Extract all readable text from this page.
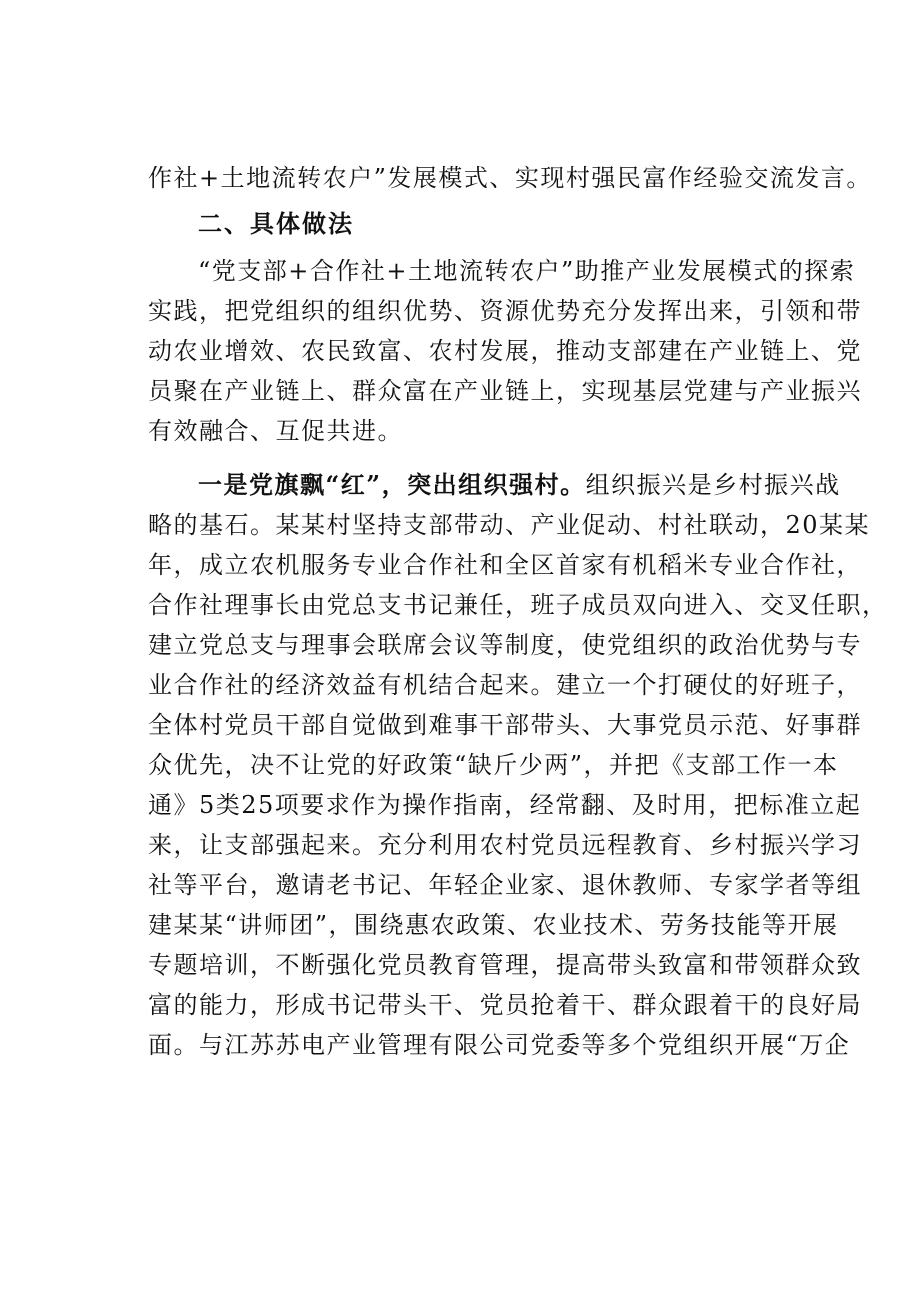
作社+土地流转农户”发展模式、实现村强民富作经验交流发言。
二、具体做法
“党支部+合作社+土地流转农户”助推产业发展模式的探索
实践，把党组织的组织优势、资源优势充分发挥出来，引领和带
动农业增效、农民致富、农村发展，推动支部建在产业链上、党
员聚在产业链上、群众富在产业链上，实现基层党建与产业振兴
有效融合、互促共进。
一是党旗飘“红”，突出组织强村。组织振兴是乡村振兴战
略的基石。某某村坚持支部带动、产业促动、村社联动，20某某
年，成立农机服务专业合作社和全区首家有机稻米专业合作社，
合作社理事长由党总支书记兼任，班子成员双向进入、交叉任职，
建立党总支与理事会联席会议等制度，使党组织的政治优势与专
业合作社的经济效益有机结合起来。建立一个打硬仗的好班子，
全体村党员干部自觉做到难事干部带头、大事党员示范、好事群
众优先，决不让党的好政策“缺斤少两”，并把《支部工作一本
通》5类25项要求作为操作指南，经常翻、及时用，把标准立起
来，让支部强起来。充分利用农村党员远程教育、乡村振兴学习
社等平台，邀请老书记、年轻企业家、退休教师、专家学者等组
建某某“讲师团”，围绕惠农政策、农业技术、劳务技能等开展
专题培训，不断强化党员教育管理，提高带头致富和带领群众致
富的能力，形成书记带头干、党员抢着干、群众跟着干的良好局
面。与江苏苏电产业管理有限公司党委等多个党组织开展“万企
